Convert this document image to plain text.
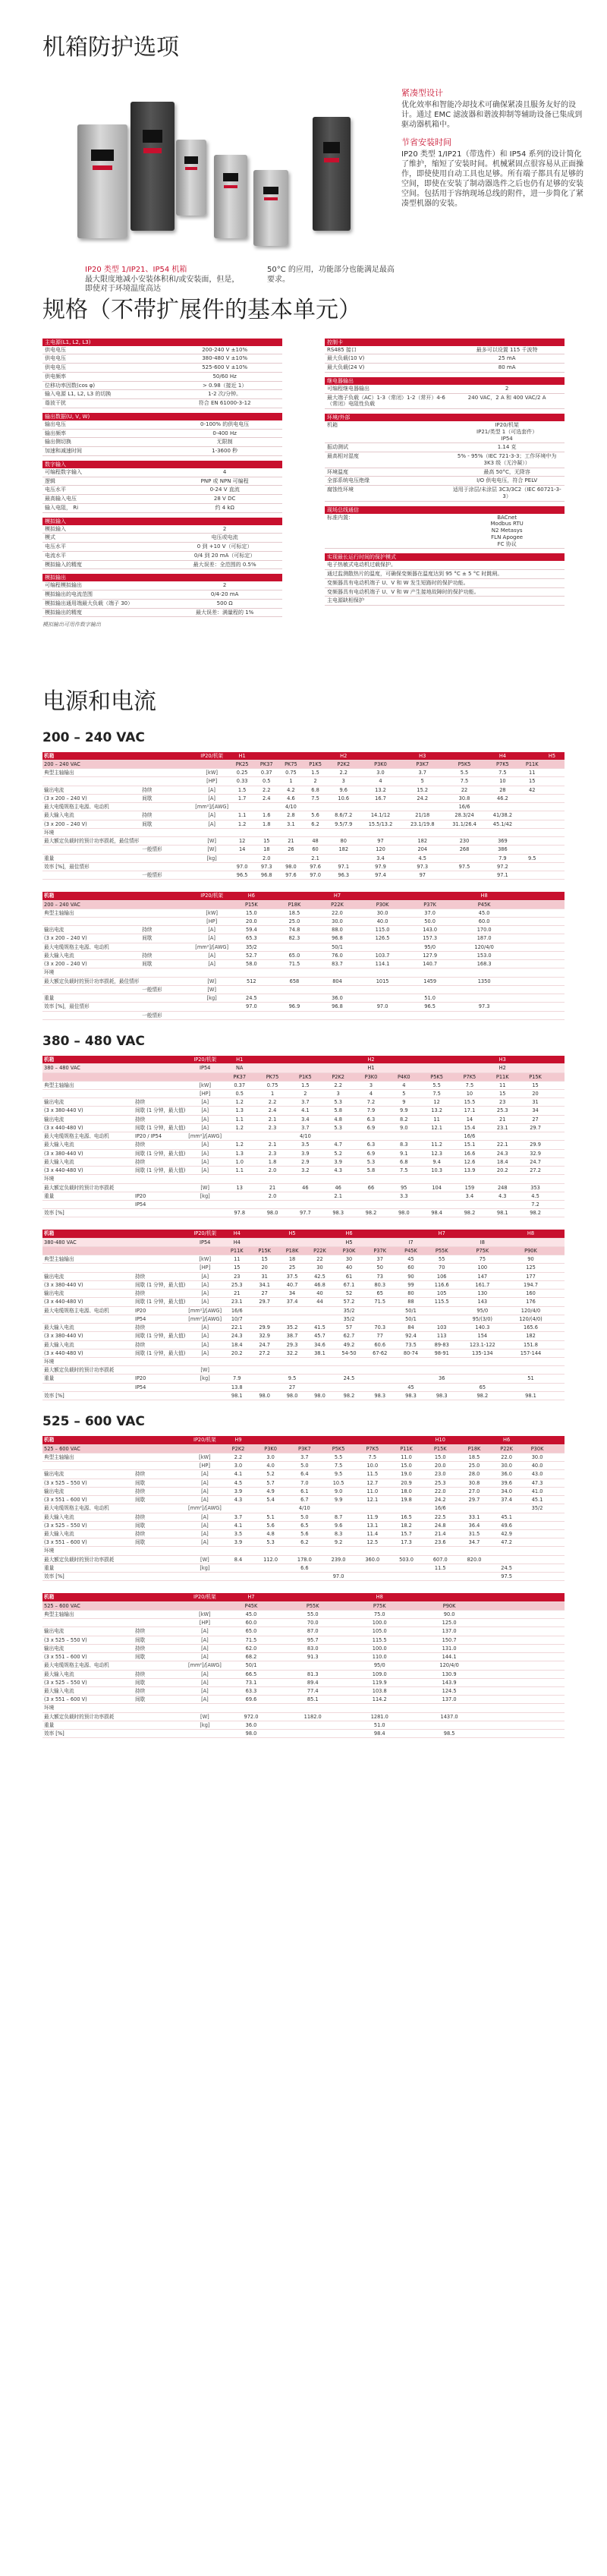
机箱防护选项
紧凑型设计

优化效率和智能冷却技术可确保紧凑且服务友好的设计。通过 EMC 滤波器和谐波抑制等辅助设备已集成到驱动器机箱中。

节省安装时间

IP20 类型 1/IP21（带选件）和 IP54 系列的设计简化了维护，缩短了安装时间。机械紧固点很容易从正面操作，即使使用自动工具也足够。所有端子都具有足够的空间，即使在安装了制动器选件之后也仍有足够的安装空间。包括用于容纳现场总线的附件，进一步简化了紧凑型机器的安装。

IP20 类型 1/IP21、IP54 机箱
最大限度地减小安装体积和/或安装面，但是，即使对于环境温度高达
50°C 的应用，功能部分也能满足最高要求。
规格（不带扩展件的基本单元）
主电源(L1, L2, L3)
供电电压	200-240 V ±10%
供电电压	380-480 V ±10%
供电电压	525-600 V ±10%
供电频率	50/60 Hz
位移功率因数(cos φ)	> 0.98（接近 1）
输入电源 L1, L2, L3 的切换	1-2 次/分钟。
谐波干扰	符合 EN 61000-3-12
输出数据(U, V, W)
输出电压	0-100% 的供电电压
输出频率	0-400 Hz
输出侧切换	无限制
加速和减速时间	1-3600 秒
数字输入
可编程数字输入	4
逻辑	PNP 或 NPN 可编程
电压水平	0-24 V 直流
最高输入电压	28 V DC
输入电阻， Ri	约 4 kΩ
模拟输入
模拟输入	2
模式	电压或电流
电压水平	0 到 +10 V（可标定）
电流水平	0/4 到 20 mA（可标定）
模拟输入的精度	最大误差：全范围的 0.5%
模拟输出
可编程模拟输出	2
模拟输出的电流范围	0/4-20 mA
模拟输出通用端最大负载（端子 30）	500 Ω
模拟输出的精度	最大误差：满量程的 1%
模拟输出可用作数字输出
控制卡
RS485 接口	最多可以设置 115 千波特
最大负载(10 V)	25 mA
最大负载(24 V)	80 mA
继电器输出
可编程继电器输出	2
最大端子负载（AC）1-3（常闭）1-2（常开）4-6（常闭）电阻性负载
240 VAC，2 A 和 400 VAC/2 A
环境/外部
机箱	IP20/机架
IP21/类型 1（可选套件）
IP54
振动测试	1.14 克
最高相对湿度	5% - 95%（IEC 721-3-3；工作环境中为 3K3 级（无冷凝））
环境温度	最高 50°C，无降容
全部系统电压绝缘	I/O 供电电压，符合 PELV
腐蚀性环境	适用于涂层/未涂层 3C3/3C2（IEC 60721-3-3）
现场总线通信
标准内置：	BACnet
Modbus RTU
N2 Metasys
FLN Apogee
FC 协议
实现最长运行时间的保护模式
电子热敏式电动机过载保护。
通过监测散热片的温度，可确保变频器在温度达到 95 °C ± 5 °C 时跳闸。
变频器具有电动机端子 U、V 和 W 发生短路时的保护功能。
变频器具有电动机端子 U、V 和 W 产生接地故障时的保护功能。
主电源缺相保护
电源和电流
200 – 240 VAC
机箱		IP20/机架	H1				H2		H3		H4		H5	
200 – 240 VAC			PK25	PK37	PK75	P1K5	P2K2	P3K0	P3K7	P5K5	P7K5	P11K		
典型主轴输出		[kW]	0.25	0.37	0.75	1.5	2.2	3.0	3.7	5.5	7.5	11		
		[HP]	0.33	0.5	1	2	3	4	5	7.5	10	15		
输出电流	持续	[A]	1.5	2.2	4.2	6.8	9.6	13.2	15.2	22	28	42		
(3 x 200 – 240 V)	间歇	[A]	1.7	2.4	4.6	7.5	10.6	16.7	24.2	30.8	46.2			
最大电缆规格主电源、电动机		[mm²]/[AWG]			4/10					16/6				
最大输入电流	持续	[A]	1.1	1.6	2.8	5.6	8.6/7.2	14.1/12	21/18	28.3/24	41/38.2			
(3 x 200 – 240 V)	间歇	[A]	1.2	1.8	3.1	6.2	9.5/7.9	15.5/13.2	23.1/19.8	31.1/26.4	45.1/42			
环境														
最大额定负载时的预计功率损耗，最佳情形		[W]	12	15	21	48	80	97	182	230	369			
	一般情形	[W]	14	18	26	60	182	120	204	268	386			
重量		[kg]		2.0		2.1		3.4	4.5		7.9	9.5		
效率 [%]，最佳情形			97.0	97.3	98.0	97.6	97.1	97.9	97.3	97.5	97.2			
	一般情形		96.5	96.8	97.6	97.0	96.3	97.4	97		97.1			
机箱		IP20/机架	H6		H7			H8						
200 – 240 VAC			P15K	P18K	P22K	P30K	P37K	P45K						
典型主轴输出		[kW]	15.0	18.5	22.0	30.0	37.0	45.0						
		[HP]	20.0	25.0	30.0	40.0	50.0	60.0						
输出电流	持续	[A]	59.4	74.8	88.0	115.0	143.0	170.0						
(3 x 200 – 240 V)	间歇	[A]	65.3	82.3	96.8	126.5	157.3	187.0						
最大电缆规格主电源、电动机		[mm²]/[AWG]	35/2		50/1		95/0	120/4/0						
最大输入电流	持续	[A]	52.7	65.0	76.0	103.7	127.9	153.0						
(3 x 200 – 240 V)	间歇	[A]	58.0	71.5	83.7	114.1	140.7	168.3						
环境														
最大额定负载时的预计功率损耗，最佳情形		[W]	512	658	804	1015	1459	1350						
	一般情形	[W]												
重量		[kg]	24.5		36.0		51.0							
效率 [%]，最佳情形			97.0	96.9	96.8	97.0	96.5	97.3						
	一般情形													
380 – 480 VAC
机箱		IP20/机架	H1				H2				H3			
380 – 480 VAC		IP54	NA				H1				H2			
			PK37	PK75	P1K5	P2K2	P3K0	P4K0	P5K5	P7K5	P11K	P15K		
典型主轴输出		[kW]	0.37	0.75	1.5	2.2	3	4	5.5	7.5	11	15		
		[HP]	0.5	1	2	3	4	5	7.5	10	15	20		
输出电流	持续	[A]	1.2	2.2	3.7	5.3	7.2	9	12	15.5	23	31		
(3 x 380-440 V)	间歇 (1 分钟，最大值)	[A]	1.3	2.4	4.1	5.8	7.9	9.9	13.2	17.1	25.3	34		
输出电流	持续	[A]	1.1	2.1	3.4	4.8	6.3	8.2	11	14	21	27		
(3 x 440-480 V)	间歇 (1 分钟，最大值)	[A]	1.2	2.3	3.7	5.3	6.9	9.0	12.1	15.4	23.1	29.7		
最大电缆规格主电源、电动机	IP20 / IP54	[mm²]/[AWG]			4/10					16/6				
最大输入电流	持续	[A]	1.2	2.1	3.5	4.7	6.3	8.3	11.2	15.1	22.1	29.9		
(3 x 380-440 V)	间歇 (1 分钟，最大值)	[A]	1.3	2.3	3.9	5.2	6.9	9.1	12.3	16.6	24.3	32.9		
最大输入电流	持续	[A]	1.0	1.8	2.9	3.9	5.3	6.8	9.4	12.6	18.4	24.7		
(3 x 440-480 V)	间歇 (1 分钟，最大值)	[A]	1.1	2.0	3.2	4.3	5.8	7.5	10.3	13.9	20.2	27.2		
环境														
最大额定负载时的预计功率损耗		[W]	13	21	46	46	66	95	104	159	248	353		
重量	IP20	[kg]		2.0		2.1		3.3		3.4	4.3	4.5		
	IP54											7.2		
效率 [%]			97.8	98.0	97.7	98.3	98.2	98.0	98.4	98.2	98.1	98.2		
机箱		IP20/机架	H4		H5		H6			H7		H8		
380-480 VAC		IP54	H4				H5		I7		I8			
			P11K	P15K	P18K	P22K	P30K	P37K	P45K	P55K	P75K	P90K		
典型主轴输出		[kW]	11	15	18	22	30	37	45	55	75	90		
		[HP]	15	20	25	30	40	50	60	70	100	125		
输出电流	持续	[A]	23	31	37.5	42.5	61	73	90	106	147	177		
(3 x 380-440 V)	间歇 (1 分钟，最大值)	[A]	25.3	34.1	40.7	46.8	67.1	80.3	99	116.6	161.7	194.7		
输出电流	持续	[A]	21	27	34	40	52	65	80	105	130	160		
(3 x 440-480 V)	间歇 (1 分钟，最大值)	[A]	23.1	29.7	37.4	44	57.2	71.5	88	115.5	143	176		
最大电缆规格主电源、电动机	IP20	[mm²]/[AWG]	16/6				35/2		50/1		95/0	120/4/0		
	IP54	[mm²]/[AWG]	10/7				35/2		50/1		95/(3/0)	120/(4/0)		
最大输入电流	持续	[A]	22.1	29.9	35.2	41.5	57	70.3	84	103	140.3	165.6		
(3 x 380-440 V)	间歇 (1 分钟，最大值)	[A]	24.3	32.9	38.7	45.7	62.7	77	92.4	113	154	182		
最大输入电流	持续	[A]	18.4	24.7	29.3	34.6	49.2	60.6	73.5	89-83	123.1-122	151.8		
(3 x 440-480 V)	间歇 (1 分钟，最大值)	[A]	20.2	27.2	32.2	38.1	54-50	67-62	80-74	98-91	135-134	157-144		
环境														
最大额定负载时的预计功率损耗		[W]												
重量	IP20	[kg]	7.9		9.5		24.5			36		51		
	IP54		13.8		27				45		65			
效率 [%]			98.1	98.0	98.0	98.0	98.2	98.3	98.3	98.3	98.2	98.1		
525 – 600 VAC
机箱		IP20/机架	H9						H10		H6			
525 – 600 VAC			P2K2	P3K0	P3K7	P5K5	P7K5	P11K	P15K	P18K	P22K	P30K		
典型主轴输出		[kW]	2.2	3.0	3.7	5.5	7.5	11.0	15.0	18.5	22.0	30.0		
		[HP]	3.0	4.0	5.0	7.5	10.0	15.0	20.0	25.0	30.0	40.0		
输出电流	持续	[A]	4.1	5.2	6.4	9.5	11.5	19.0	23.0	28.0	36.0	43.0		
(3 x 525 – 550 V)	间歇	[A]	4.5	5.7	7.0	10.5	12.7	20.9	25.3	30.8	39.6	47.3		
输出电流	持续	[A]	3.9	4.9	6.1	9.0	11.0	18.0	22.0	27.0	34.0	41.0		
(3 x 551 – 600 V)	间歇	[A]	4.3	5.4	6.7	9.9	12.1	19.8	24.2	29.7	37.4	45.1		
最大电缆规格主电源、电动机		[mm²]/[AWG]			4/10				16/6			35/2		
最大输入电流	持续	[A]	3.7	5.1	5.0	8.7	11.9	16.5	22.5	33.1	45.1			
(3 x 525 – 550 V)	间歇	[A]	4.1	5.6	6.5	9.6	13.1	18.2	24.8	36.4	49.6			
最大输入电流	持续	[A]	3.5	4.8	5.6	8.3	11.4	15.7	21.4	31.5	42.9			
(3 x 551 – 600 V)	间歇	[A]	3.9	5.3	6.2	9.2	12.5	17.3	23.6	34.7	47.2			
环境														
最大额定负载时的预计功率损耗		[W]	8.4	112.0	178.0	239.0	360.0	503.0	607.0	820.0				
重量		[kg]			6.6				11.5		24.5			
效率 [%]						97.0					97.5			
机箱		IP20/机架	H7		H8									
525 – 600 VAC			P45K	P55K	P75K	P90K								
典型主轴输出		[kW]	45.0	55.0	75.0	90.0								
		[HP]	60.0	70.0	100.0	125.0								
输出电流	持续	[A]	65.0	87.0	105.0	137.0								
(3 x 525 – 550 V)	间歇	[A]	71.5	95.7	115.5	150.7								
输出电流	持续	[A]	62.0	83.0	100.0	131.0								
(3 x 551 – 600 V)	间歇	[A]	68.2	91.3	110.0	144.1								
最大电缆规格主电源、电动机		[mm²]/[AWG]	50/1		95/0	120/4/0								
最大输入电流	持续	[A]	66.5	81.3	109.0	130.9								
(3 x 525 – 550 V)	间歇	[A]	73.1	89.4	119.9	143.9								
最大输入电流	持续	[A]	63.3	77.4	103.8	124.5								
(3 x 551 – 600 V)	间歇	[A]	69.6	85.1	114.2	137.0								
环境														
最大额定负载时的预计功率损耗		[W]	972.0	1182.0	1281.0	1437.0								
重量		[kg]	36.0		51.0									
效率 [%]			98.0		98.4	98.5								
